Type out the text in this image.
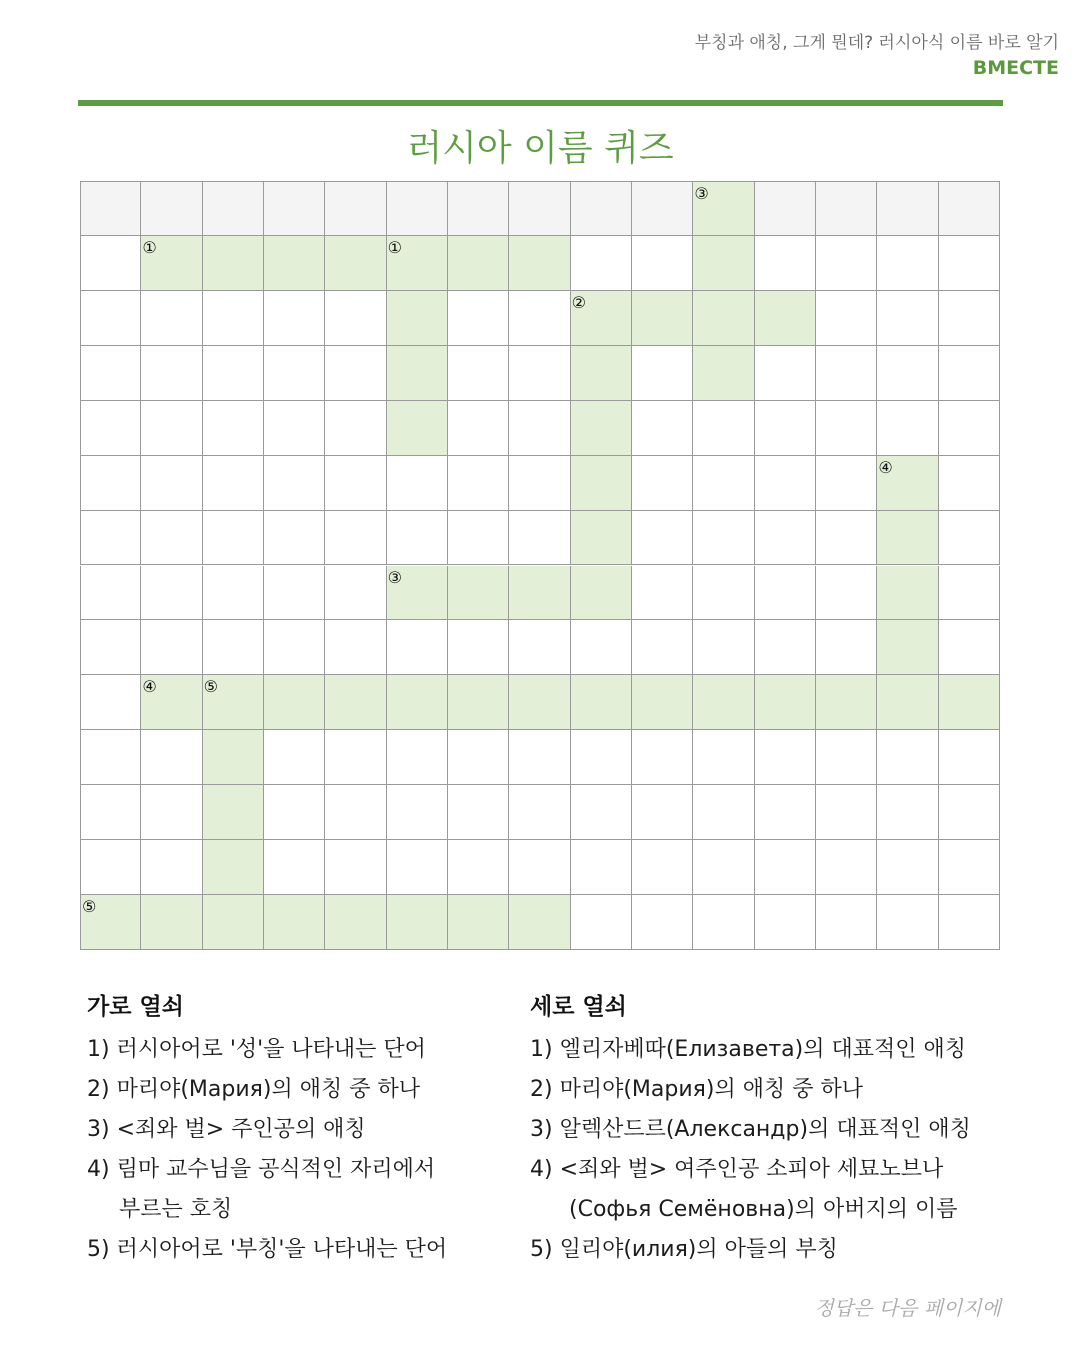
부칭과 애칭, 그게 뭔데? 러시아식 이름 바로 알기
BMECTE
러시아 이름 퀴즈
③
①	①
②
④
③
④	⑤
⑤
가로 열쇠
1) 러시아어로 '성'을 나타내는 단어
2) 마리야(Мария)의 애칭 중 하나
3) <죄와 벌> 주인공의 애칭
4) 림마 교수님을 공식적인 자리에서
부르는 호칭
5) 러시아어로 '부칭'을 나타내는 단어
세로 열쇠
1) 엘리자베따(Елизавета)의 대표적인 애칭
2) 마리야(Мария)의 애칭 중 하나
3) 알렉산드르(Александр)의 대표적인 애칭
4) <죄와 벌> 여주인공 소피아 세묘노브나
(Софья Семёновна)의 아버지의 이름
5) 일리야(илия)의 아들의 부칭
정답은 다음 페이지에
